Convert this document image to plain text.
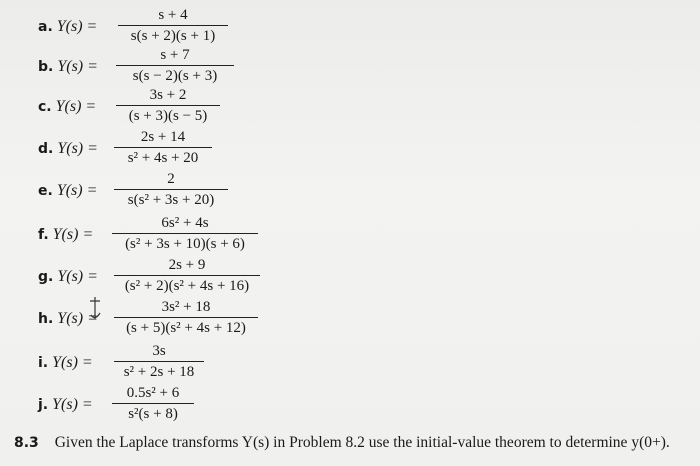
a. Y(s) =
s + 4
s(s + 2)(s + 1)
b. Y(s) =
s + 7
s(s − 2)(s + 3)
c. Y(s) =
3s + 2
(s + 3)(s − 5)
d. Y(s) =
2s + 14
s² + 4s + 20
e. Y(s) =
2
s(s² + 3s + 20)
f. Y(s) =
6s² + 4s
(s² + 3s + 10)(s + 6)
g. Y(s) =
2s + 9
(s² + 2)(s² + 4s + 16)
h. Y(s) =
3s² + 18
(s + 5)(s² + 4s + 12)
i. Y(s) =
3s
s² + 2s + 18
j. Y(s) =
0.5s² + 6
s²(s + 8)
8.3 Given the Laplace transforms Y(s) in Problem 8.2 use the initial-value theorem to determine y(0+).
